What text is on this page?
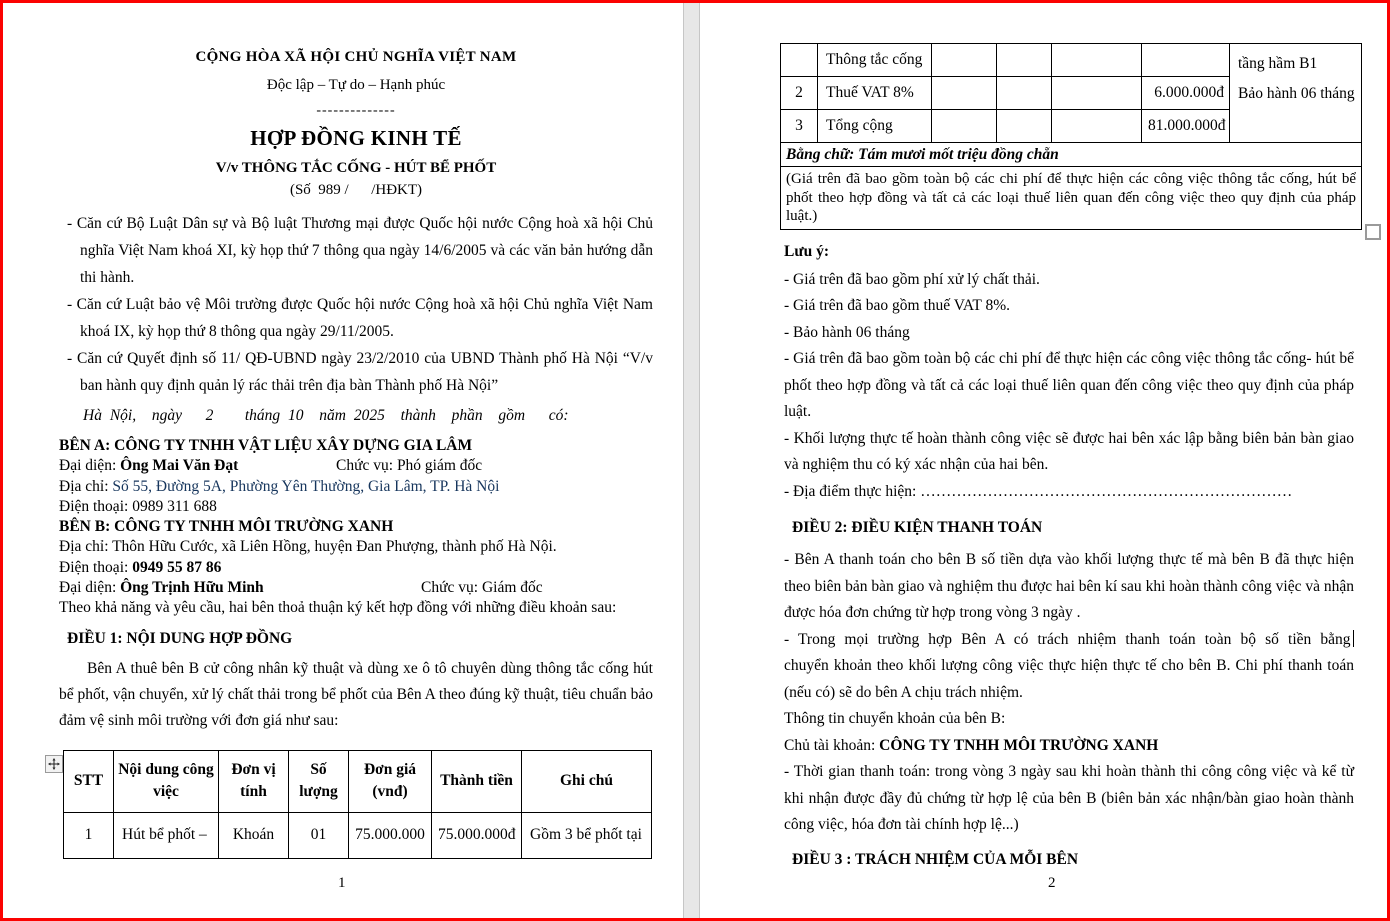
CỘNG HÒA XÃ HỘI CHỦ NGHĨA VIỆT NAM
Độc lập – Tự do – Hạnh phúc
--------------
HỢP ĐỒNG KINH TẾ
V/v THÔNG TẮC CỐNG - HÚT BỂ PHỐT
(Số  989 /      /HĐKT)
- Căn cứ Bộ Luật Dân sự và Bộ luật Thương mại được Quốc hội nước Cộng hoà xã hội Chủ nghĩa Việt Nam khoá XI, kỳ họp thứ 7 thông qua ngày 14/6/2005 và các văn bản hướng dẫn thi hành.
- Căn cứ Luật bảo vệ Môi trường được Quốc hội nước Cộng hoà xã hội Chủ nghĩa Việt Nam khoá IX, kỳ họp thứ 8 thông qua ngày 29/11/2005.
- Căn cứ Quyết định số 11/ QĐ-UBND ngày 23/2/2010 của UBND Thành phố Hà Nội “V/v ban hành quy định quản lý rác thải trên địa bàn Thành phố Hà Nội”
Hà Nội,  ngày   2    tháng 10  năm 2025  thành  phần  gồm   có:
BÊN A: CÔNG TY TNHH VẬT LIỆU XÂY DỰNG GIA LÂM
Đại diện: Ông Mai Văn Đạt	Chức vụ: Phó giám đốc
Địa chỉ: Số 55, Đường 5A, Phường Yên Thường, Gia Lâm, TP. Hà Nội
Điện thoại: 0989 311 688
BÊN B: CÔNG TY TNHH MÔI TRƯỜNG XANH
Địa chỉ: Thôn Hữu Cước, xã Liên Hồng, huyện Đan Phượng, thành phố Hà Nội.
Điện thoại: 0949 55 87 86
Đại diện: Ông Trịnh Hữu Minh	Chức vụ: Giám đốc
Theo khả năng và yêu cầu, hai bên thoả thuận ký kết hợp đồng với những điều khoản sau:
ĐIỀU 1: NỘI DUNG HỢP ĐỒNG
Bên A thuê bên B cử công nhân kỹ thuật và dùng xe ô tô chuyên dùng thông tắc cống hút bể phốt, vận chuyển, xử lý chất thải trong bể phốt của Bên A theo đúng kỹ thuật, tiêu chuẩn bảo đảm vệ sinh môi trường với đơn giá như sau:
STT	Nội dung công việc	Đơn vị tính	Số lượng	Đơn giá (vnđ)	Thành tiền	Ghi chú
1	Hút bể phốt –	Khoán	01	75.000.000	75.000.000đ	Gồm 3 bể phốt tại
1
	Thông tắc cống					tầng hầm B1
Bảo hành 06 tháng

2	Thuế VAT 8%				6.000.000đ	
3	Tổng cộng				81.000.000đ	
Bằng chữ: Tám mươi mốt triệu đồng chẵn						
(Giá trên đã bao gồm toàn bộ các chi phí để thực hiện các công việc thông tắc cống, hút bể phốt theo hợp đồng và tất cả các loại thuế liên quan đến công việc theo quy định của pháp luật.)						
Lưu ý:
- Giá trên đã bao gồm phí xử lý chất thải.
- Giá trên đã bao gồm thuế VAT 8%.
- Bảo hành 06 tháng
- Giá trên đã bao gồm toàn bộ các chi phí để thực hiện các công việc thông tắc cống- hút bể phốt theo hợp đồng và tất cả các loại thuế liên quan đến công việc theo quy định của pháp luật.
- Khối lượng thực tế hoàn thành công việc sẽ được hai bên xác lập bằng biên bản bàn giao và nghiệm thu có ký xác nhận của hai bên.
- Địa điểm thực hiện: ………………………………………………………………
ĐIỀU 2: ĐIỀU KIỆN THANH TOÁN
- Bên A thanh toán cho bên B số tiền dựa vào khối lượng thực tế mà bên B đã thực hiện theo biên bản bàn giao và nghiệm thu được hai bên kí sau khi hoàn thành công việc và nhận được hóa đơn chứng từ hợp trong vòng 3 ngày .
- Trong mọi trường hợp Bên A có trách nhiệm thanh toán toàn bộ số tiền bằng
chuyển khoản theo khối lượng công việc thực hiện thực tế cho bên B. Chi phí thanh toán (nếu có) sẽ do bên A chịu trách nhiệm.
Thông tin chuyển khoản của bên B:
Chủ tài khoản: CÔNG TY TNHH MÔI TRƯỜNG XANH
- Thời gian thanh toán: trong vòng 3 ngày sau khi hoàn thành thi công công việc và kể từ khi nhận được đầy đủ chứng từ hợp lệ của bên B (biên bản xác nhận/bàn giao hoàn thành công việc, hóa đơn tài chính hợp lệ...)
ĐIỀU 3 : TRÁCH NHIỆM CỦA MỖI BÊN
2
